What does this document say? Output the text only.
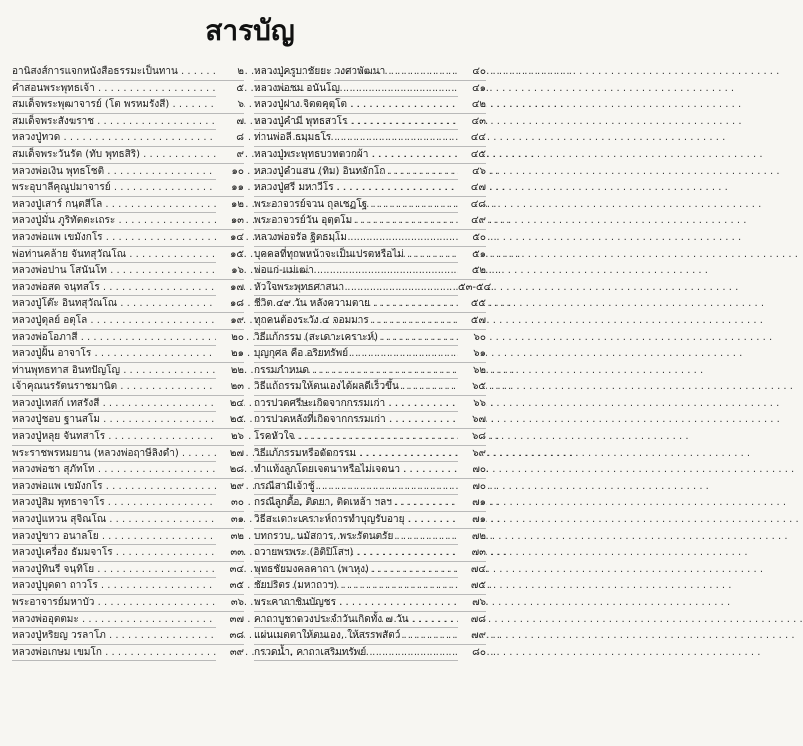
สารบัญ
อานิสงส์การแจกหนังสือธรรมะเป็นทาน . . .	๒
คำสอนพระพุทธเจ้า . . .	๕
สมเด็จพระพุฒาจารย์ (โต พรหมรังสี) . . .	๖
สมเด็จพระสังฆราช . . .	๗
หลวงปู่ทวด . . .	๘
สมเด็จพระวันรัต (ทับ พุทธสิริ) . . .	๙
หลวงพ่อเงิน พุทธโชติ . . .	๑๐
พระอุบาลีคุณูปมาจารย์ . . .	๑๑
หลวงปู่เสาร์ กนฺตสีโล . . .	๑๒
หลวงปู่มั่น ภูริทัตตะเถระ . . .	๑๓
หลวงพ่อแพ เขมังกโร . . .	๑๔
พ่อท่านคล้าย จันทสุวัณโณ . . .	๑๕
หลวงพ่อปาน โสนันโท . . .	๑๖
หลวงพ่อสด จนฺทสโร . . .	๑๗
หลวงปู่โต๊ะ อินทสุวัณโณ . . .	๑๘
หลวงปู่ดุลย์ อตุโล . . .	๑๙
หลวงพ่อโอภาสี . . .	๒๐
หลวงปู่ฝั้น อาจาโร . . .	๒๑
ท่านพุทธทาส อินทปัญโญ . . .	๒๒
เจ้าคุณนรรัตนราชมานิต . . .	๒๓
หลวงปู่เทสก์ เทสรังสี . . .	๒๔
หลวงปู่ชอบ ฐานสโม . . .	๒๕
หลวงปู่หลุย จันทสาโร . . .	๒๖
พระราชพรหมยาน (หลวงพ่อฤาษีลิงดำ) . . .	๒๗
หลวงพ่อชา สุภัทโท . . .	๒๘
หลวงพ่อแพ เขมังกโร . . .	๒๙
หลวงปู่สิม พุทธาจาโร . . .	๓๐
หลวงปู่แหวน สุจิณโณ . . .	๓๑
หลวงปู่ขาว อนาลโย . . .	๓๒
หลวงปู่เครื่อง ธัมมจาโร . . .	๓๓
หลวงปู่ทินรี จนฺทิโย . . .	๓๔
หลวงปู่บุดดา ถาวโร . . .	๓๕
พระอาจารย์มหาบัว . . .	๓๖
หลวงพ่ออุตตมะ . . .	๓๗
หลวงปู่หริยญ วรลาโภ . . .	๓๘
หลวงพ่อเกษม เขมโก . . .	๓๙
หลวงปู่ครูบาชัยยะ วงศาพัฒนา . . .	๔๐
หลวงพ่อชม อนันโญ . . .	๔๑
หลวงปู่ฝาง จิตตคุตฺโต . . .	๔๒
หลวงปู่คำมี พุทธสาโร . . .	๔๓
ท่านพ่อลี ธมฺมธโร . . .	๔๔
หลวงปู่พระพุทธบาทตากผ้า . . .	๔๕
หลวงปู่คำแสน (ทิม) อินทจักโก . . .	๔๖
หลวงปู่ศรี มหาวีโร . . .	๔๗
พระอาจารย์จวน กุลเชฏโฐ . . .	๔๘
พระอาจารย์วัน อุตฺตโม . . .	๔๙
หลวงพ่อจรัล ฐิตธมฺโม . . .	๕๐
บุคคลที่ทุกพหน้าจะเป็นเปรตหรือไม่ . . .	๕๑
พ่อแก่-แม่เฒ่า . . .	๕๒
หัวใจพระพุทธศาสนา . . .	๕๓-๕๔
ชีวิต ๔๙ วัน หลังความตาย . . .	๕๕
ทุกคนต้องระวัง ๔ จอมมาร . . .	๕๗
วิธีแก้กรรม (สะเดาะเคราะห์) . . .	๖๐
บุญกุศล คือ อริยทรัพย์ . . .	๖๑
กรรมกำหนด . . .	๖๒
วิธีแก้กรรมให้ตนเองได้ผลดีเร็วขึ้น . . .	๖๕
การปวดศรีษะเกิดจากกรรมเก่า . . .	๖๖
การปวดหลังที่เกิดจากกรรมเก่า . . .	๖๗
โรคหัวใจ . . .	๖๘
วิธีแก้กรรมหรือตัดกรรม . . .	๖๙
ทำแท้งลูกโดยเจตนาหรือไม่เจตนา . . .	๗๐
กรณีสามีเจ้าชู้ . . .	๗๐
กรณีลูกดื้อ, ติดยา, ติดเหล้า ฯลฯ . . .	๗๑
วิธีสะเดาะเคราะห์การทำบุญรับอายุ . . .	๗๑
บทกราบ, นมัสการ, พระรัตนตรัย . . .	๗๒
ถวายพรพระ (อิติปิโสฯ) . . .	๗๓
พุทธชัยมงคลคาถา (พาหุง) . . .	๗๔
ชัยปริตร (มหากาฯ) . . .	๗๕
พระคาถาชินบัญชร . . .	๗๖
คาถาบูชาดวงประจำวันเกิดทั้ง ๗ วัน . . .	๗๘
แผ่นเมตตาให้ตนเอง, ให้สรรพสัตว์ . . .	๗๙
กรวดน้ำ, คาถาเสริมทรัพย์ . . .	๘๐
